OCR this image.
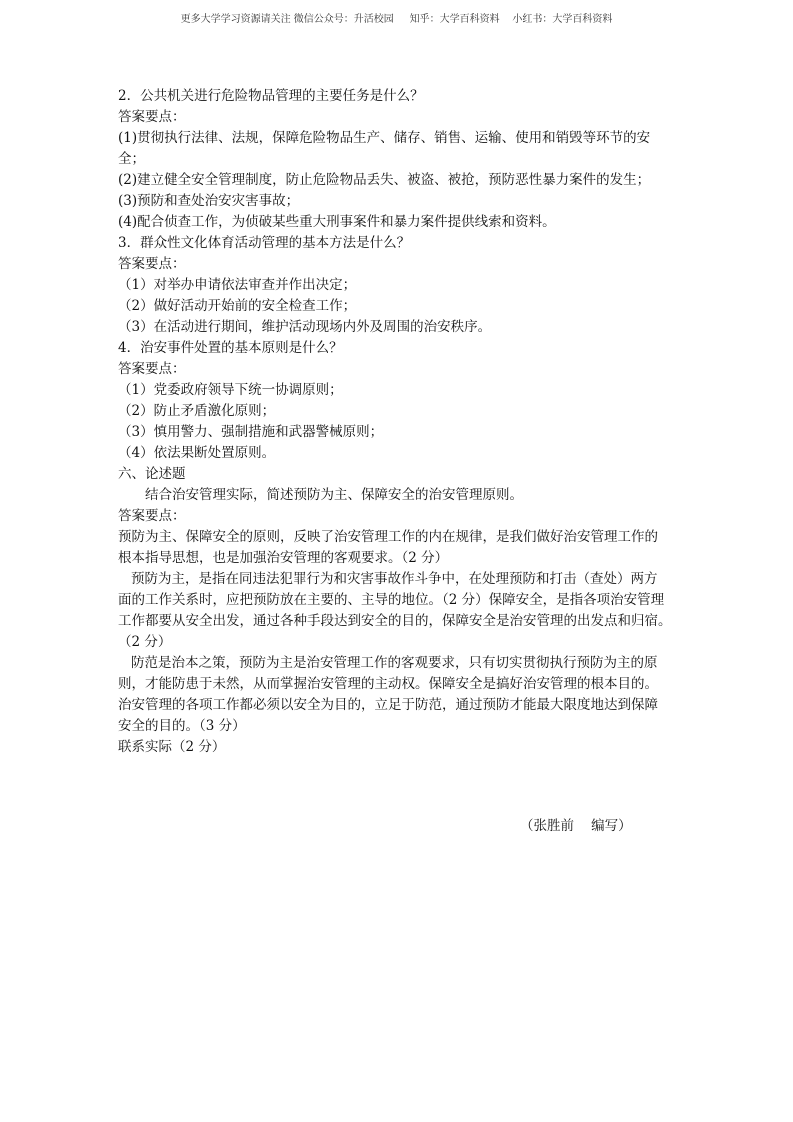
更多大学学习资源请关注 微信公众号：升活校园     知乎：大学百科资料    小红书：大学百科资料
2．公共机关进行危险物品管理的主要任务是什么？
答案要点：
(1)贯彻执行法律、法规，保障危险物品生产、储存、销售、运输、使用和销毁等环节的安
全；
(2)建立健全安全管理制度，防止危险物品丢失、被盗、被抢，预防恶性暴力案件的发生；
(3)预防和查处治安灾害事故；
(4)配合侦查工作，为侦破某些重大刑事案件和暴力案件提供线索和资料。
3．群众性文化体育活动管理的基本方法是什么？
答案要点：
（1）对举办申请依法审查并作出决定；
（2）做好活动开始前的安全检查工作；
（3）在活动进行期间，维护活动现场内外及周围的治安秩序。
4．治安事件处置的基本原则是什么？
答案要点：
（1）党委政府领导下统一协调原则；
（2）防止矛盾激化原则；
（3）慎用警力、强制措施和武器警械原则；
（4）依法果断处置原则。
六、论述题
结合治安管理实际，简述预防为主、保障安全的治安管理原则。
答案要点：
预防为主、保障安全的原则，反映了治安管理工作的内在规律，是我们做好治安管理工作的
根本指导思想，也是加强治安管理的客观要求。（2 分）
预防为主，是指在同违法犯罪行为和灾害事故作斗争中，在处理预防和打击（查处）两方
面的工作关系时，应把预防放在主要的、主导的地位。（2 分）保障安全，是指各项治安管理
工作都要从安全出发，通过各种手段达到安全的目的，保障安全是治安管理的出发点和归宿。
（2 分）
防范是治本之策，预防为主是治安管理工作的客观要求，只有切实贯彻执行预防为主的原
则，才能防患于未然，从而掌握治安管理的主动权。保障安全是搞好治安管理的根本目的。
治安管理的各项工作都必须以安全为目的，立足于防范，通过预防才能最大限度地达到保障
安全的目的。（3 分）
联系实际（2 分）
（张胜前    编写）
